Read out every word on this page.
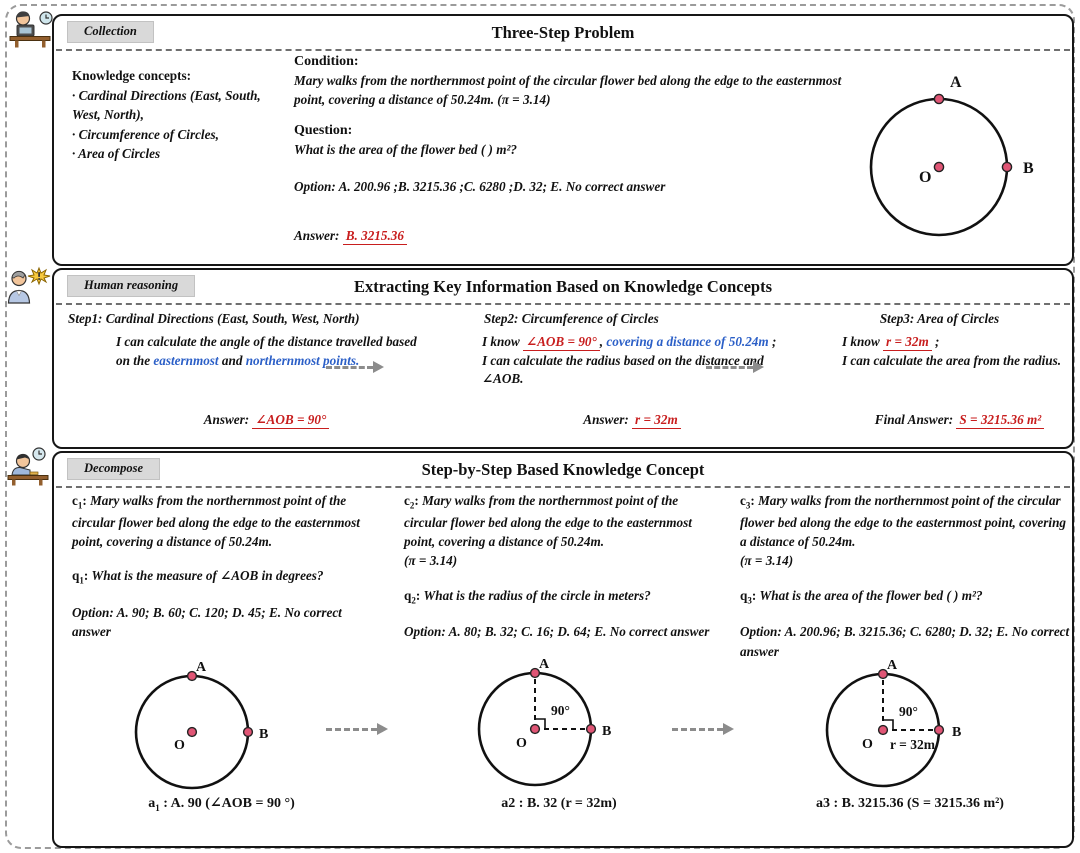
Collection	Three-Step Problem
Knowledge concepts:
· Cardinal Directions (East, South, West, North),
· Circumference of Circles,
· Area of Circles
Condition:
Mary walks from the northernmost point of the circular flower bed along the edge to the easternmost point, covering a distance of 50.24m. (π = 3.14)
Question:
What is the area of the flower bed ( ) m²?
Option: A. 200.96 ;B. 3215.36 ;C. 6280 ;D. 32; E. No correct answer
Answer: B. 3215.36
A
B
O
Human reasoning	Extracting Key Information Based on Knowledge Concepts
Step1: Cardinal Directions (East, South, West, North)
I can calculate the angle of the distance travelled based on the easternmost and northernmost points.
Answer: ∠AOB = 90°
Step2: Circumference of Circles
I know ∠AOB = 90° , covering a distance of 50.24m ;
I can calculate the radius based on the distance and ∠AOB.
Answer: r = 32m
Step3: Area of Circles
I know r = 32m ;
I can calculate the area from the radius.
Final Answer: S = 3215.36 m²
Decompose	Step-by-Step Based Knowledge Concept
$c_1$: Mary walks from the northernmost point of the circular flower bed along the edge to the easternmost point, covering a distance of 50.24m.
$q_1$: What is the measure of ∠AOB in degrees?
Option: A. 90; B. 60; C. 120; D. 45; E. No correct answer
$c_2$: Mary walks from the northernmost point of the circular flower bed along the edge to the easternmost point, covering a distance of 50.24m.
(π = 3.14)
$q_2$: What is the radius of the circle in meters?
Option: A. 80; B. 32; C. 16; D. 64; E. No correct answer
$c_3$: Mary walks from the northernmost point of the circular flower bed along the edge to the easternmost point, covering a distance of 50.24m.
(π = 3.14)
$q_3$: What is the area of the flower bed ( ) m²?
Option: A. 200.96; B. 3215.36; C. 6280; D. 32; E. No correct answer
A
B
O
A
B
O
90°
A
B
O
90°
r = 32m
$a_1$ : A. 90 (∠AOB = 90 °)	a2 : B. 32 (r = 32m)	a3 : B. 3215.36 (S = 3215.36 m²)
